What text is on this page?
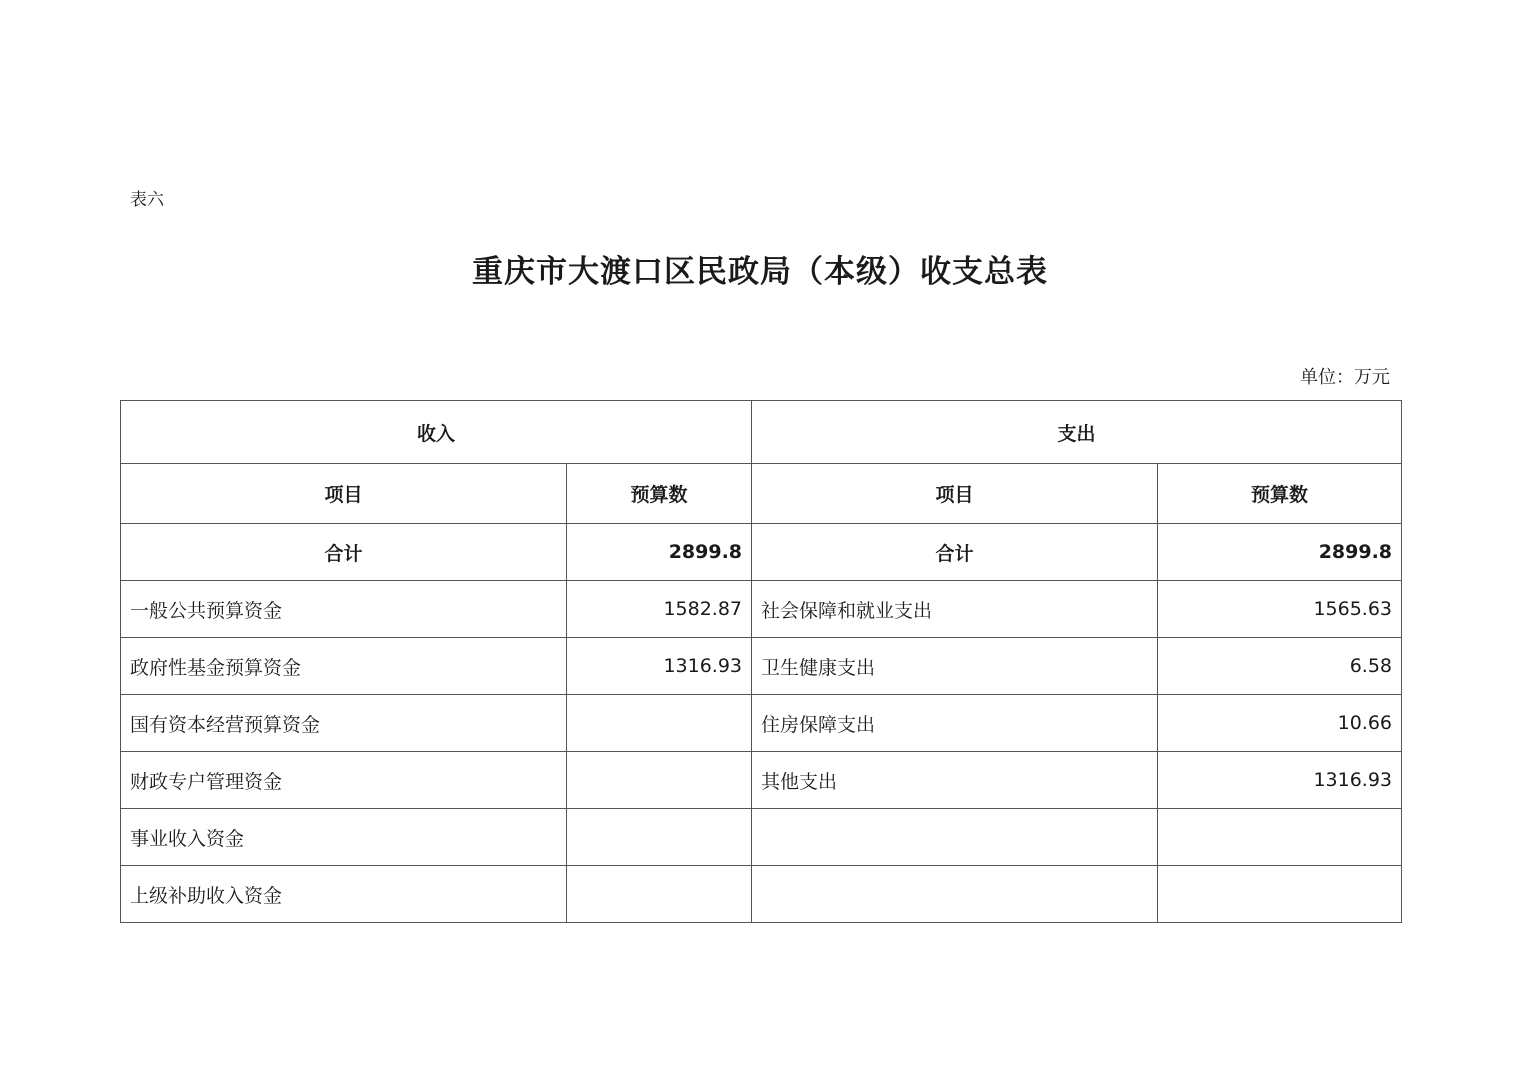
表六
重庆市大渡口区民政局（本级）收支总表
单位：万元
收入		支出	
项目	预算数	项目	预算数
合计	2899.8	合计	2899.8
一般公共预算资金	1582.87	社会保障和就业支出	1565.63
政府性基金预算资金	1316.93	卫生健康支出	6.58
国有资本经营预算资金		住房保障支出	10.66
财政专户管理资金		其他支出	1316.93
事业收入资金			
上级补助收入资金			
